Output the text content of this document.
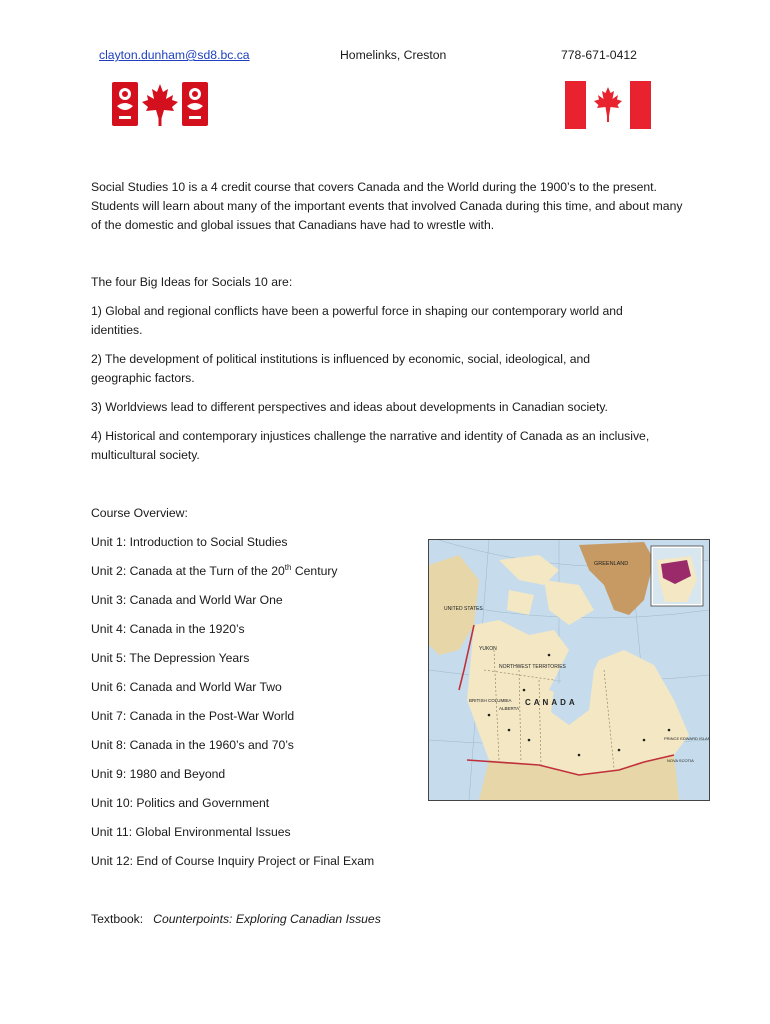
clayton.dunham@sd8.bc.ca	Homelinks, Creston	778-671-0412
Social Studies 10 is a 4 credit course that covers Canada and the World during the 1900’s to the present. Students will learn about many of the important events that involved Canada during this time, and about many of the domestic and global issues that Canadians have had to wrestle with.
The four Big Ideas for Socials 10 are:
1) Global and regional conflicts have been a powerful force in shaping our contemporary world and identities.
2) The development of political institutions is influenced by economic, social, ideological, and geographic factors.
3) Worldviews lead to different perspectives and ideas about developments in Canadian society.
4) Historical and contemporary injustices challenge the narrative and identity of Canada as an inclusive, multicultural society.
Course Overview:
Unit 1: Introduction to Social Studies
Unit 2: Canada at the Turn of the 20th Century
Unit 3: Canada and World War One
Unit 4: Canada in the 1920’s
Unit 5: The Depression Years
Unit 6: Canada and World War Two
Unit 7: Canada in the Post-War World
Unit 8: Canada in the 1960’s and 70’s
Unit 9: 1980 and Beyond
Unit 10: Politics and Government
Unit 11: Global Environmental Issues
Unit 12: End of Course Inquiry Project or Final Exam
Textbook: Counterpoints: Exploring Canadian Issues
GREENLAND
UNITED STATES
YUKON
NORTHWEST TERRITORIES
BRITISH COLUMBIA
ALBERTA
CANADA
PRINCE EDWARD ISLAND
NOVA SCOTIA
